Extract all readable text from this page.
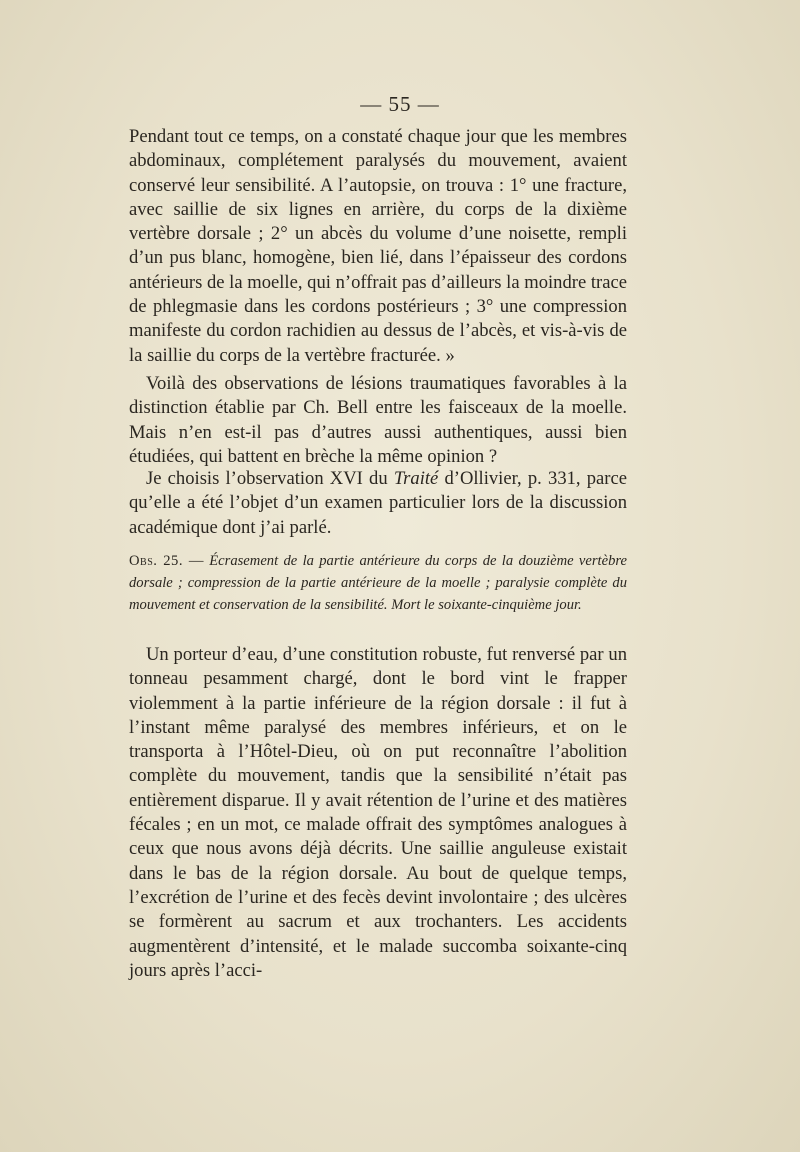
— 55 —

Pendant tout ce temps, on a constaté chaque jour que les membres abdominaux, complétement paralysés du mouvement, avaient conservé leur sensibilité. A l’autopsie, on trouva : 1° une fracture, avec saillie de six lignes en arrière, du corps de la dixième vertèbre dorsale ; 2° un abcès du volume d’une noisette, rempli d’un pus blanc, homogène, bien lié, dans l’épaisseur des cordons antérieurs de la moelle, qui n’offrait pas d’ailleurs la moindre trace de phlegmasie dans les cordons postérieurs ; 3° une compression manifeste du cordon rachidien au dessus de l’abcès, et vis-à-vis de la saillie du corps de la vertèbre fracturée. »

Voilà des observations de lésions traumatiques favorables à la distinction établie par Ch. Bell entre les faisceaux de la moelle. Mais n’en est-il pas d’autres aussi authentiques, aussi bien étudiées, qui battent en brèche la même opinion ?

Je choisis l’observation XVI du Traité d’Ollivier, p. 331, parce qu’elle a été l’objet d’un examen particulier lors de la discussion académique dont j’ai parlé.

Obs. 25. — Écrasement de la partie antérieure du corps de la douzième vertèbre dorsale ; compression de la partie antérieure de la moelle ; paralysie complète du mouvement et conservation de la sensibilité. Mort le soixante-cinquième jour.

Un porteur d’eau, d’une constitution robuste, fut renversé par un tonneau pesamment chargé, dont le bord vint le frapper violemment à la partie inférieure de la région dorsale : il fut à l’instant même paralysé des membres inférieurs, et on le transporta à l’Hôtel-Dieu, où on put reconnaître l’abolition complète du mouvement, tandis que la sensibilité n’était pas entièrement disparue. Il y avait rétention de l’urine et des matières fécales ; en un mot, ce malade offrait des symptômes analogues à ceux que nous avons déjà décrits. Une saillie anguleuse existait dans le bas de la région dorsale. Au bout de quelque temps, l’excrétion de l’urine et des fecès devint involontaire ; des ulcères se formèrent au sacrum et aux trochanters. Les accidents augmentèrent d’intensité, et le malade succomba soixante-cinq jours après l’acci-
